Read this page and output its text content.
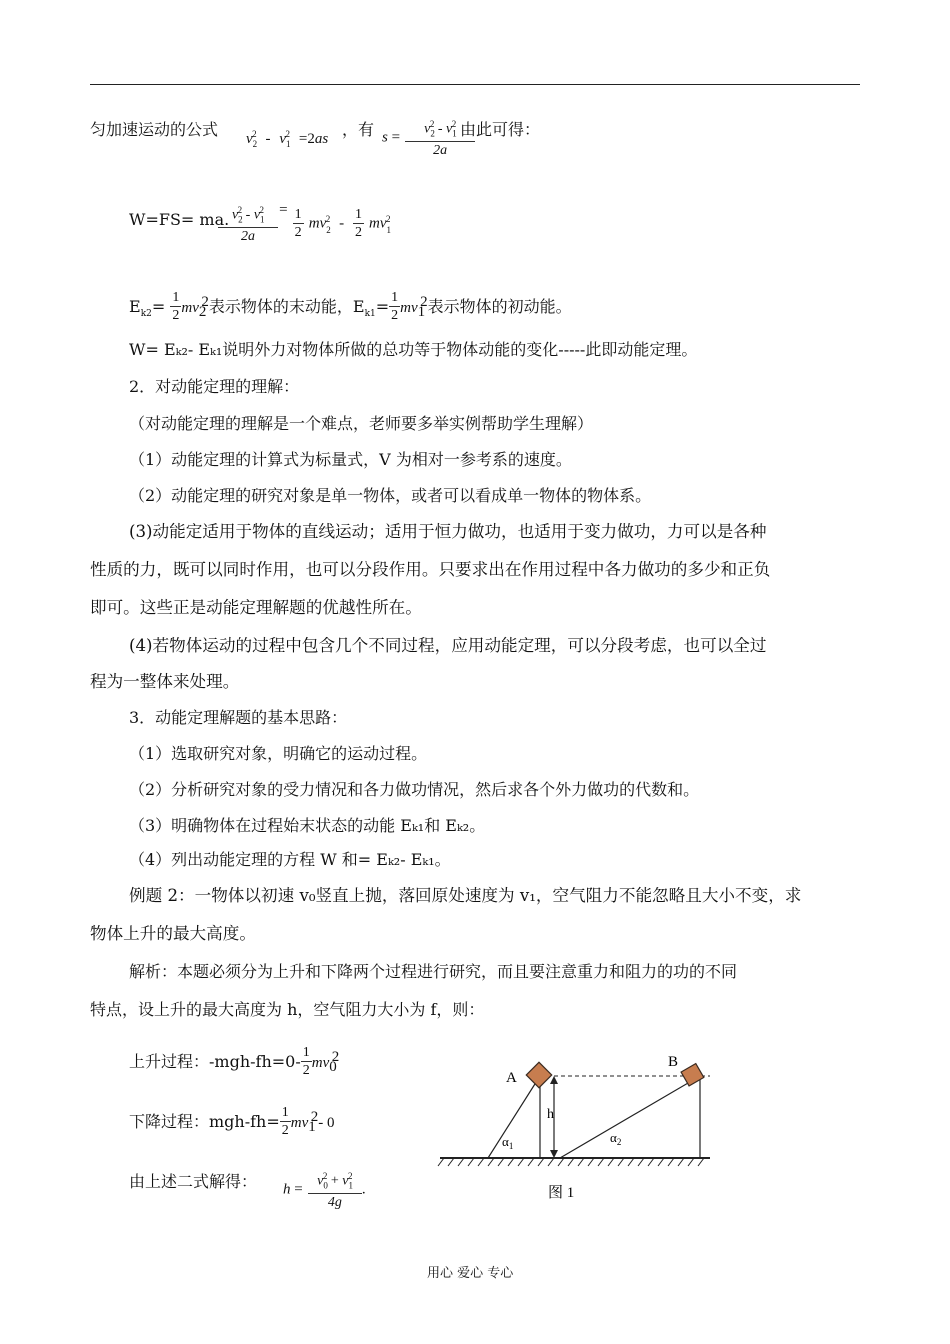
匀加速运动的公式 $v_2^2 - v_1^2 =2as$ ，有 $s = \frac{v_2^2 - v_1^2}{2a}$
由此可得：
W=FS= ma.
$\frac{v_2^2 - v_1^2}{2a} = \frac{1}{2} mv_2^2 - \frac{1}{2} mv_1^2$
$E_{k2}= \frac{1}{2} mv_2^2$表示物体的末动能，$E_{k1}= \frac{1}{2} mv_1^2$表示物体的初动能。
W= Eₖ₂- Eₖ₁说明外力对物体所做的总功等于物体动能的变化-----此即动能定理。
2．对动能定理的理解：
（对动能定理的理解是一个难点，老师要多举实例帮助学生理解）
（1）动能定理的计算式为标量式，V 为相对一参考系的速度。
（2）动能定理的研究对象是单一物体，或者可以看成单一物体的物体系。
(3)动能定适用于物体的直线运动；适用于恒力做功，也适用于变力做功，力可以是各种
性质的力，既可以同时作用，也可以分段作用。只要求出在作用过程中各力做功的多少和正负
即可。这些正是动能定理解题的优越性所在。
(4)若物体运动的过程中包含几个不同过程，应用动能定理，可以分段考虑，也可以全过
程为一整体来处理。
3．动能定理解题的基本思路：
（1）选取研究对象，明确它的运动过程。
（2）分析研究对象的受力情况和各力做功情况，然后求各个外力做功的代数和。
（3）明确物体在过程始末状态的动能 Eₖ₁和 Eₖ₂。
（4）列出动能定理的方程 W 和= Eₖ₂- Eₖ₁。
例题 2：一物体以初速 v₀竖直上抛，落回原处速度为 v₁，空气阻力不能忽略且大小不变，求
物体上升的最大高度。
解析：本题必须分为上升和下降两个过程进行研究，而且要注意重力和阻力的功的不同
特点，设上升的最大高度为 h，空气阻力大小为 f，则：
上升过程：$-mgh-fh=0- \frac{1}{2} mv_0^2$
下降过程：$mgh-fh= \frac{1}{2} mv_1^2-$ 0
由上述二式解得： $h = \frac{v_0^2 + v_1^2}{4g}$ .
A
B
h
$\alpha_1$
$\alpha_2$
图 1
用心 爱心 专心
